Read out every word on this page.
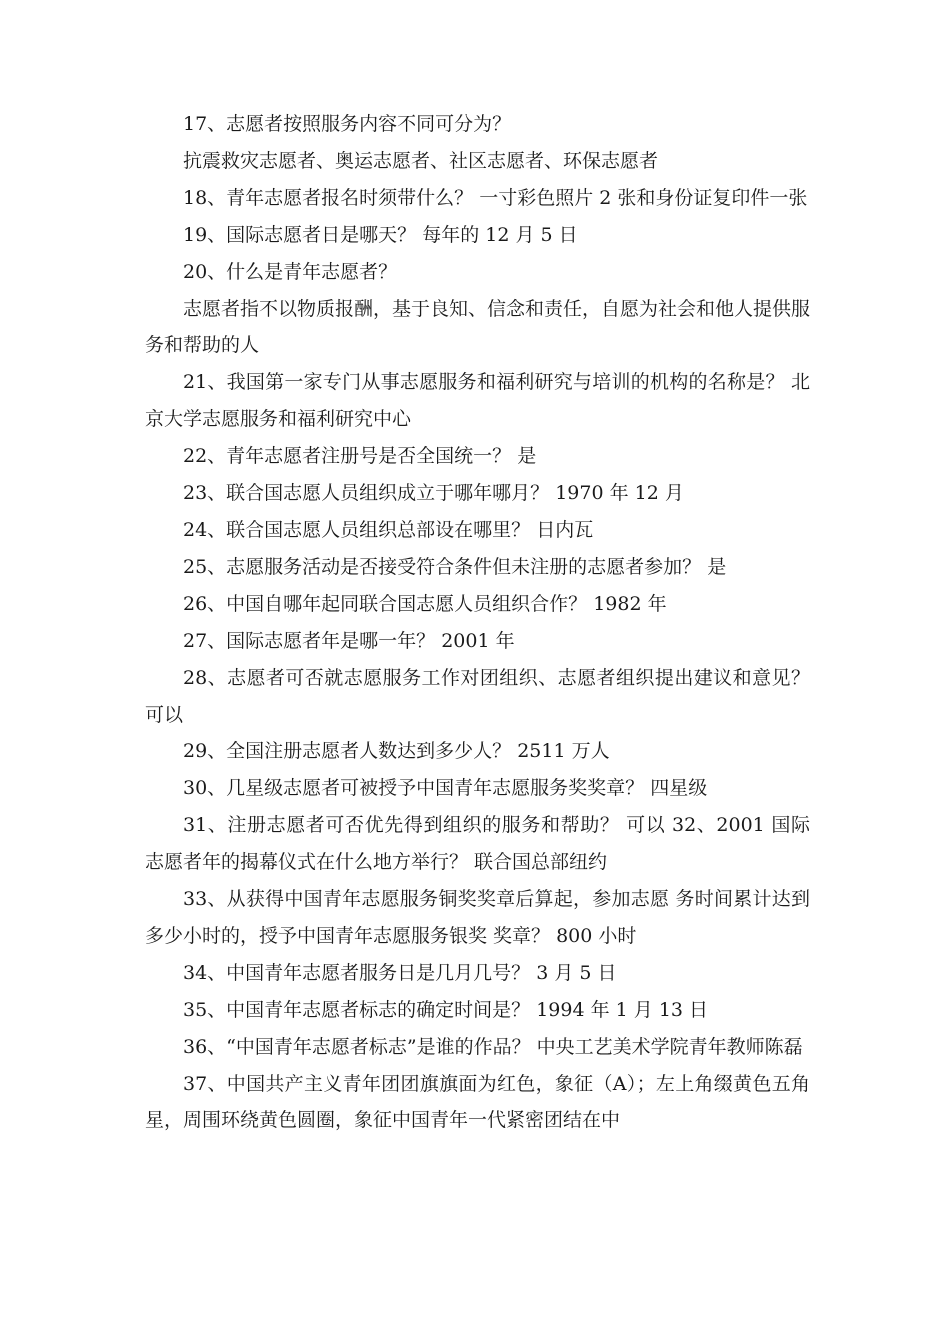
17、志愿者按照服务内容不同可分为？

抗震救灾志愿者、奥运志愿者、社区志愿者、环保志愿者

18、青年志愿者报名时须带什么？ 一寸彩色照片 2 张和身份证复印件一张

19、国际志愿者日是哪天？ 每年的 12 月 5 日

20、什么是青年志愿者？

志愿者指不以物质报酬，基于良知、信念和责任，自愿为社会和他人提供服务和帮助的人

21、我国第一家专门从事志愿服务和福利研究与培训的机构的名称是？ 北京大学志愿服务和福利研究中心

22、青年志愿者注册号是否全国统一？ 是

23、联合国志愿人员组织成立于哪年哪月？ 1970 年 12 月

24、联合国志愿人员组织总部设在哪里？ 日内瓦

25、志愿服务活动是否接受符合条件但未注册的志愿者参加？ 是

26、中国自哪年起同联合国志愿人员组织合作？ 1982 年

27、国际志愿者年是哪一年？ 2001 年

28、志愿者可否就志愿服务工作对团组织、志愿者组织提出建议和意见？ 可以

29、全国注册志愿者人数达到多少人？ 2511 万人

30、几星级志愿者可被授予中国青年志愿服务奖奖章？ 四星级

31、注册志愿者可否优先得到组织的服务和帮助？ 可以 32、2001 国际志愿者年的揭幕仪式在什么地方举行？ 联合国总部纽约

33、从获得中国青年志愿服务铜奖奖章后算起，参加志愿 务时间累计达到多少小时的，授予中国青年志愿服务银奖 奖章？ 800 小时

34、中国青年志愿者服务日是几月几号？ 3 月 5 日

35、中国青年志愿者标志的确定时间是？ 1994 年 1 月 13 日

36、“中国青年志愿者标志”是谁的作品？ 中央工艺美术学院青年教师陈磊

37、中国共产主义青年团团旗旗面为红色，象征（A）；左上角缀黄色五角星，周围环绕黄色圆圈，象征中国青年一代紧密团结在中
